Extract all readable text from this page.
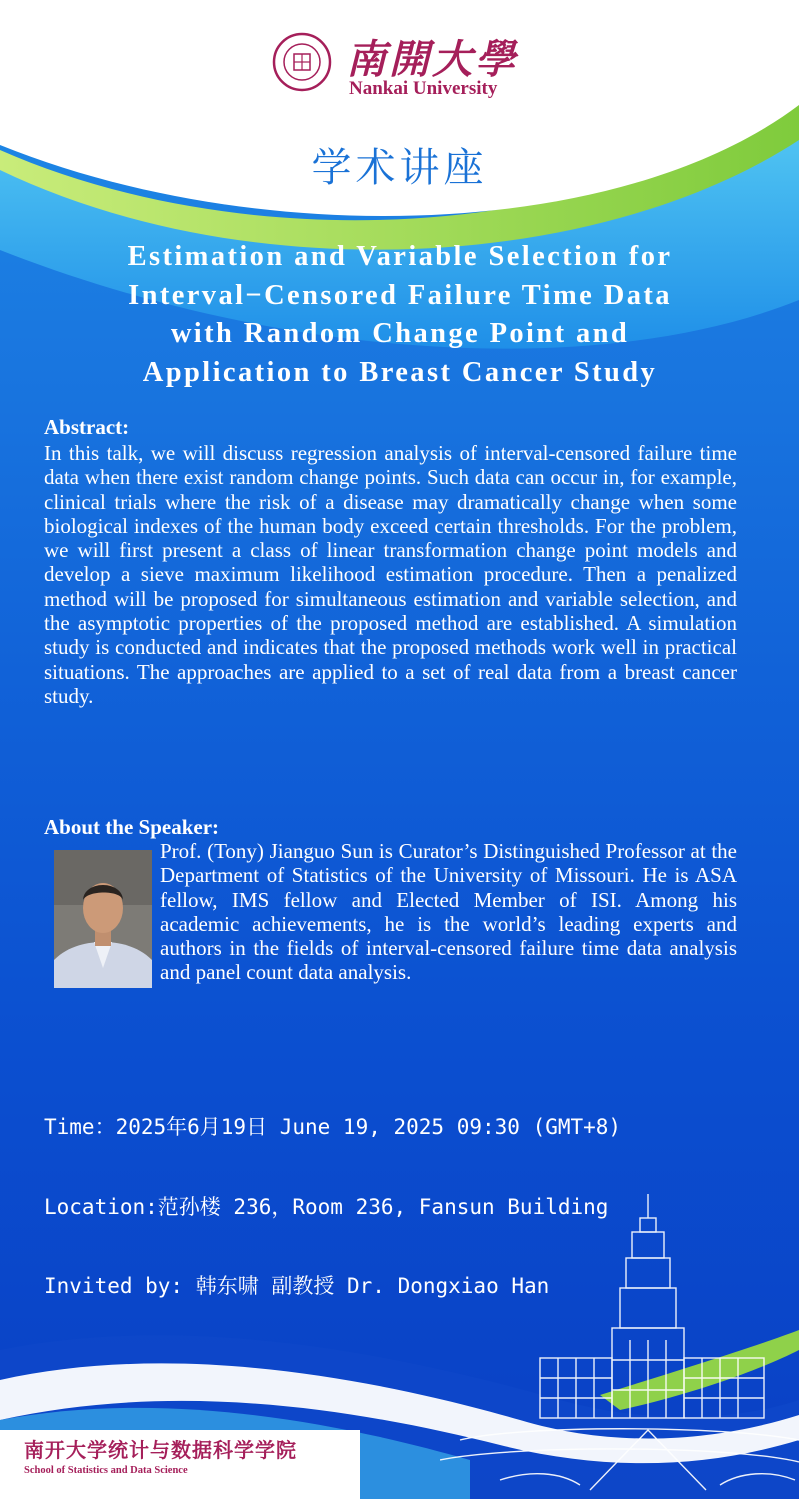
南開大學
Nankai University
学术讲座
Estimation and Variable Selection for
Interval−Censored Failure Time Data
with Random Change Point and
Application to Breast Cancer Study
Abstract:
In this talk, we will discuss regression analysis of interval-censored failure time data when there exist random change points. Such data can occur in, for example, clinical trials where the risk of a disease may dramatically change when some biological indexes of the human body exceed certain thresholds. For the problem, we will first present a class of linear transformation change point models and develop a sieve maximum likelihood estimation procedure. Then a penalized method will be proposed for simultaneous estimation and variable selection, and the asymptotic properties of the proposed method are established. A simulation study is conducted and indicates that the proposed methods work well in practical situations. The approaches are applied to a set of real data from a breast cancer study.
About the Speaker:
Prof. (Tony) Jianguo Sun is Curator’s Distinguished Professor at the Department of Statistics of the University of Missouri. He is ASA fellow, IMS fellow and Elected Member of ISI. Among his academic achievements, he is the world’s leading experts and authors in the fields of interval-censored failure time data analysis and panel count data analysis.

Time：2025年6月19日 June 19, 2025 09:30 (GMT+8)

Location:范孙楼 236，Room 236, Fansun Building

Invited by: 韩东啸 副教授 Dr. Dongxiao Han

南开大学统计与数据科学学院
School of Statistics and Data Science
